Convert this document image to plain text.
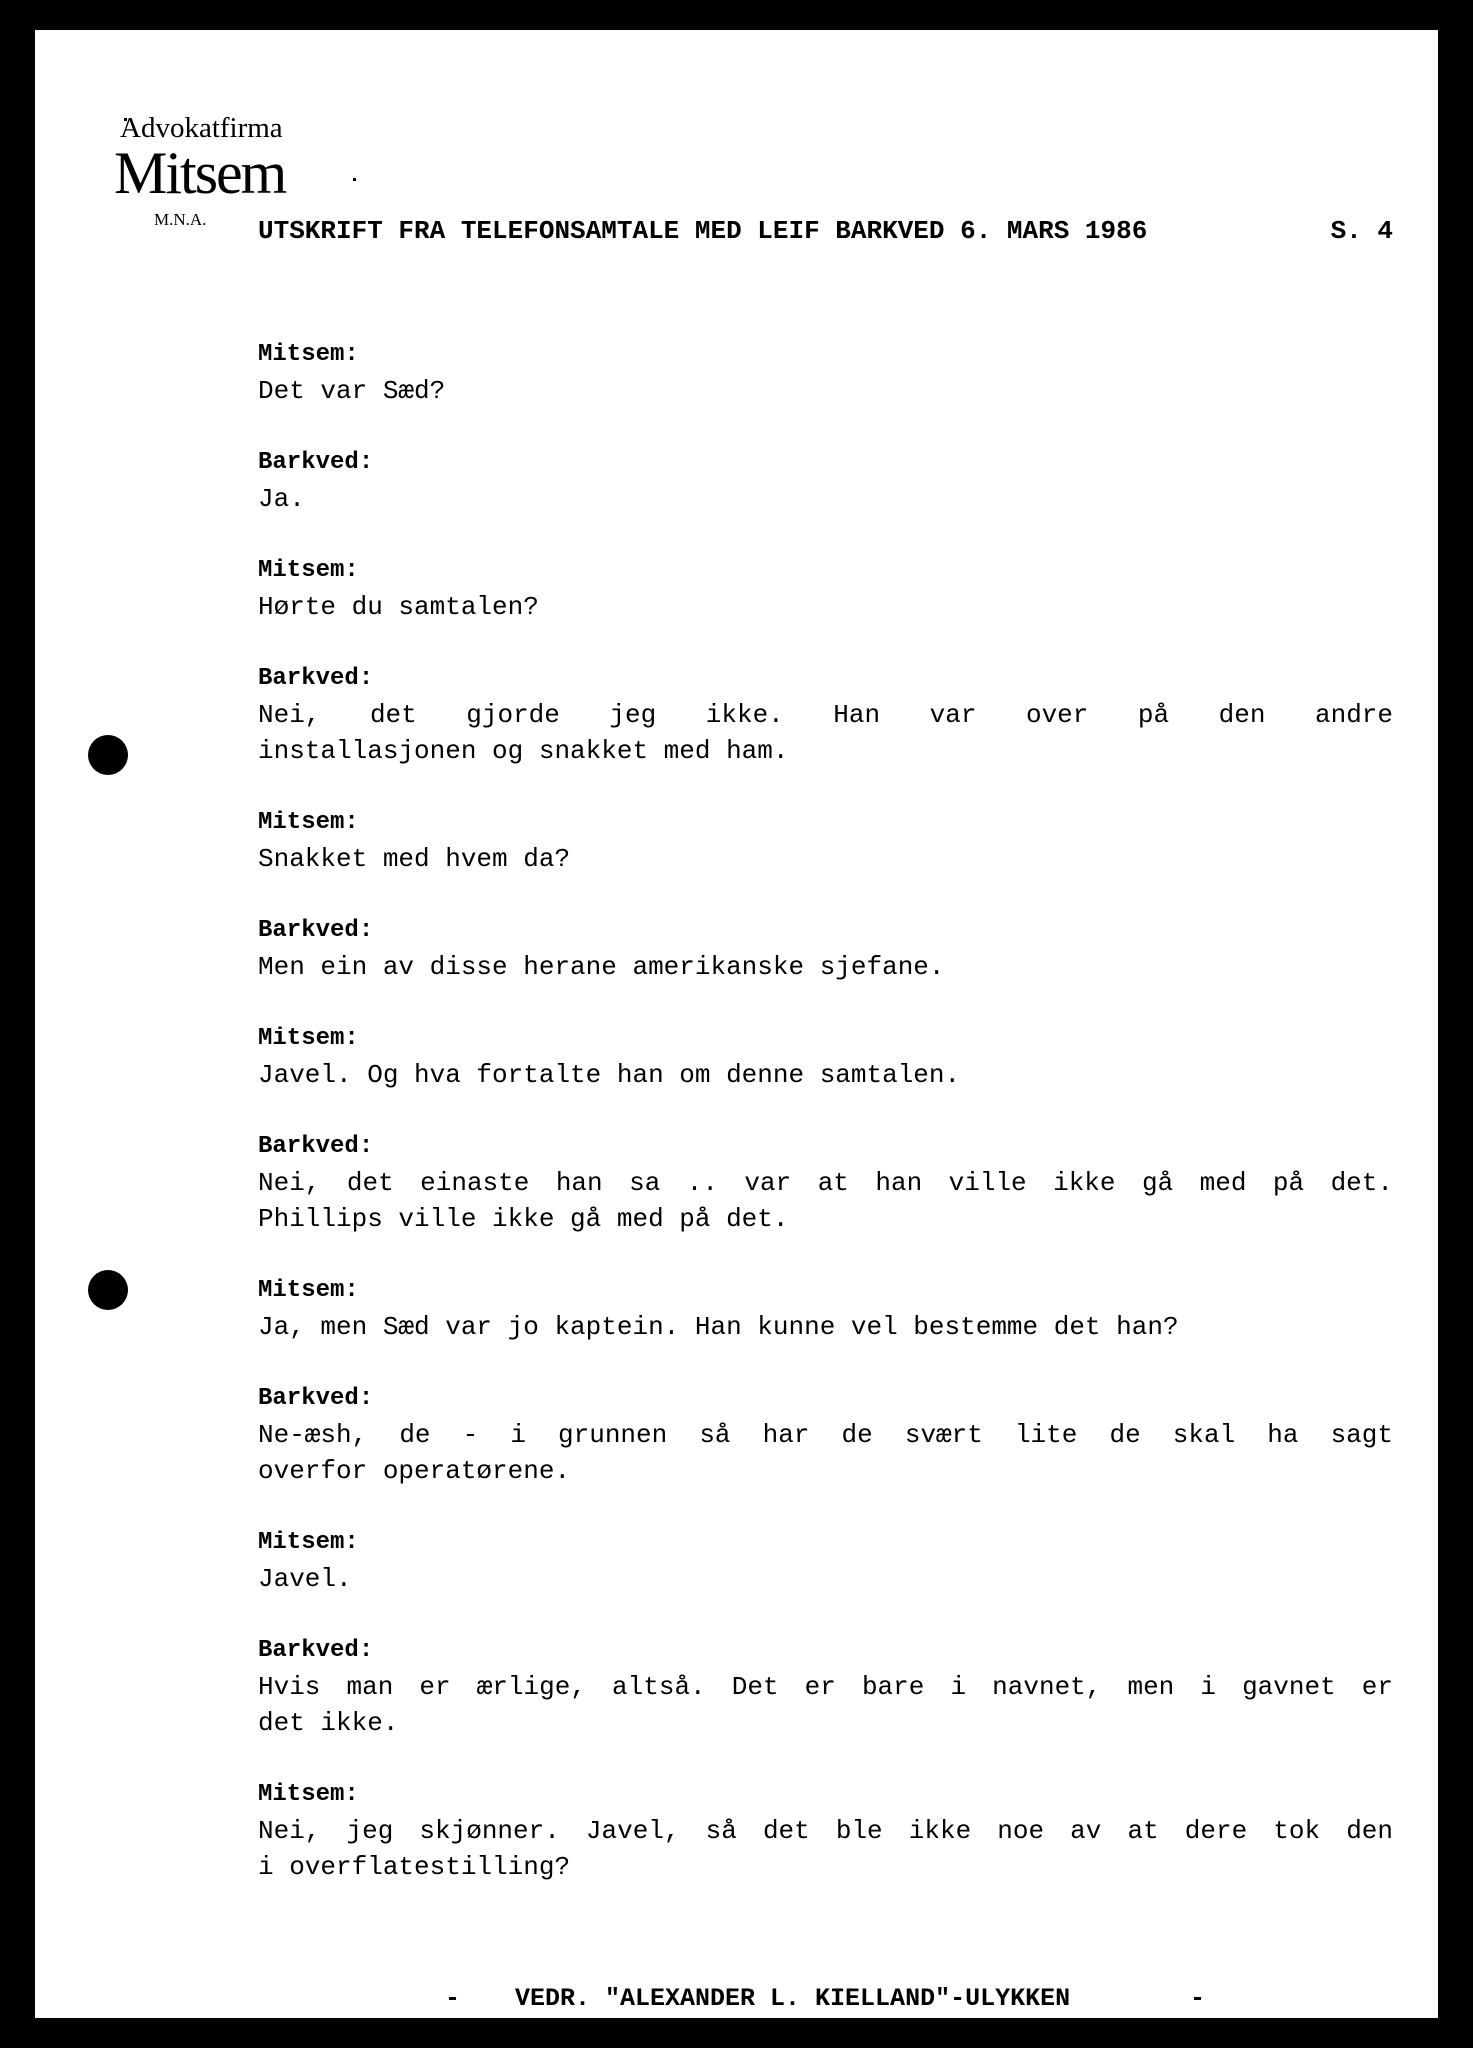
Advokatfirma
Mitsem
M.N.A. UTSKRIFT FRA TELEFONSAMTALE MED LEIF BARKVED 6. MARS 1986	S. 4
Mitsem:
Det var Sæd?
Barkved:
Ja.
Mitsem:
Hørte du samtalen?
Barkved:
Nei, det gjorde jeg ikke. Han var over på den andre
installasjonen og snakket med ham.
Mitsem:
Snakket med hvem da?
Barkved:
Men ein av disse herane amerikanske sjefane.
Mitsem:
Javel. Og hva fortalte han om denne samtalen.
Barkved:
Nei, det einaste han sa .. var at han ville ikke gå med på det.
Phillips ville ikke gå med på det.
Mitsem:
Ja, men Sæd var jo kaptein. Han kunne vel bestemme det han?
Barkved:
Ne-æsh, de - i grunnen så har de svært lite de skal ha sagt
overfor operatørene.
Mitsem:
Javel.
Barkved:
Hvis man er ærlige, altså. Det er bare i navnet, men i gavnet er
det ikke.
Mitsem:
Nei, jeg skjønner. Javel, så det ble ikke noe av at dere tok den
i overflatestilling?
- VEDR. "ALEXANDER L. KIELLAND"-ULYKKEN	-
